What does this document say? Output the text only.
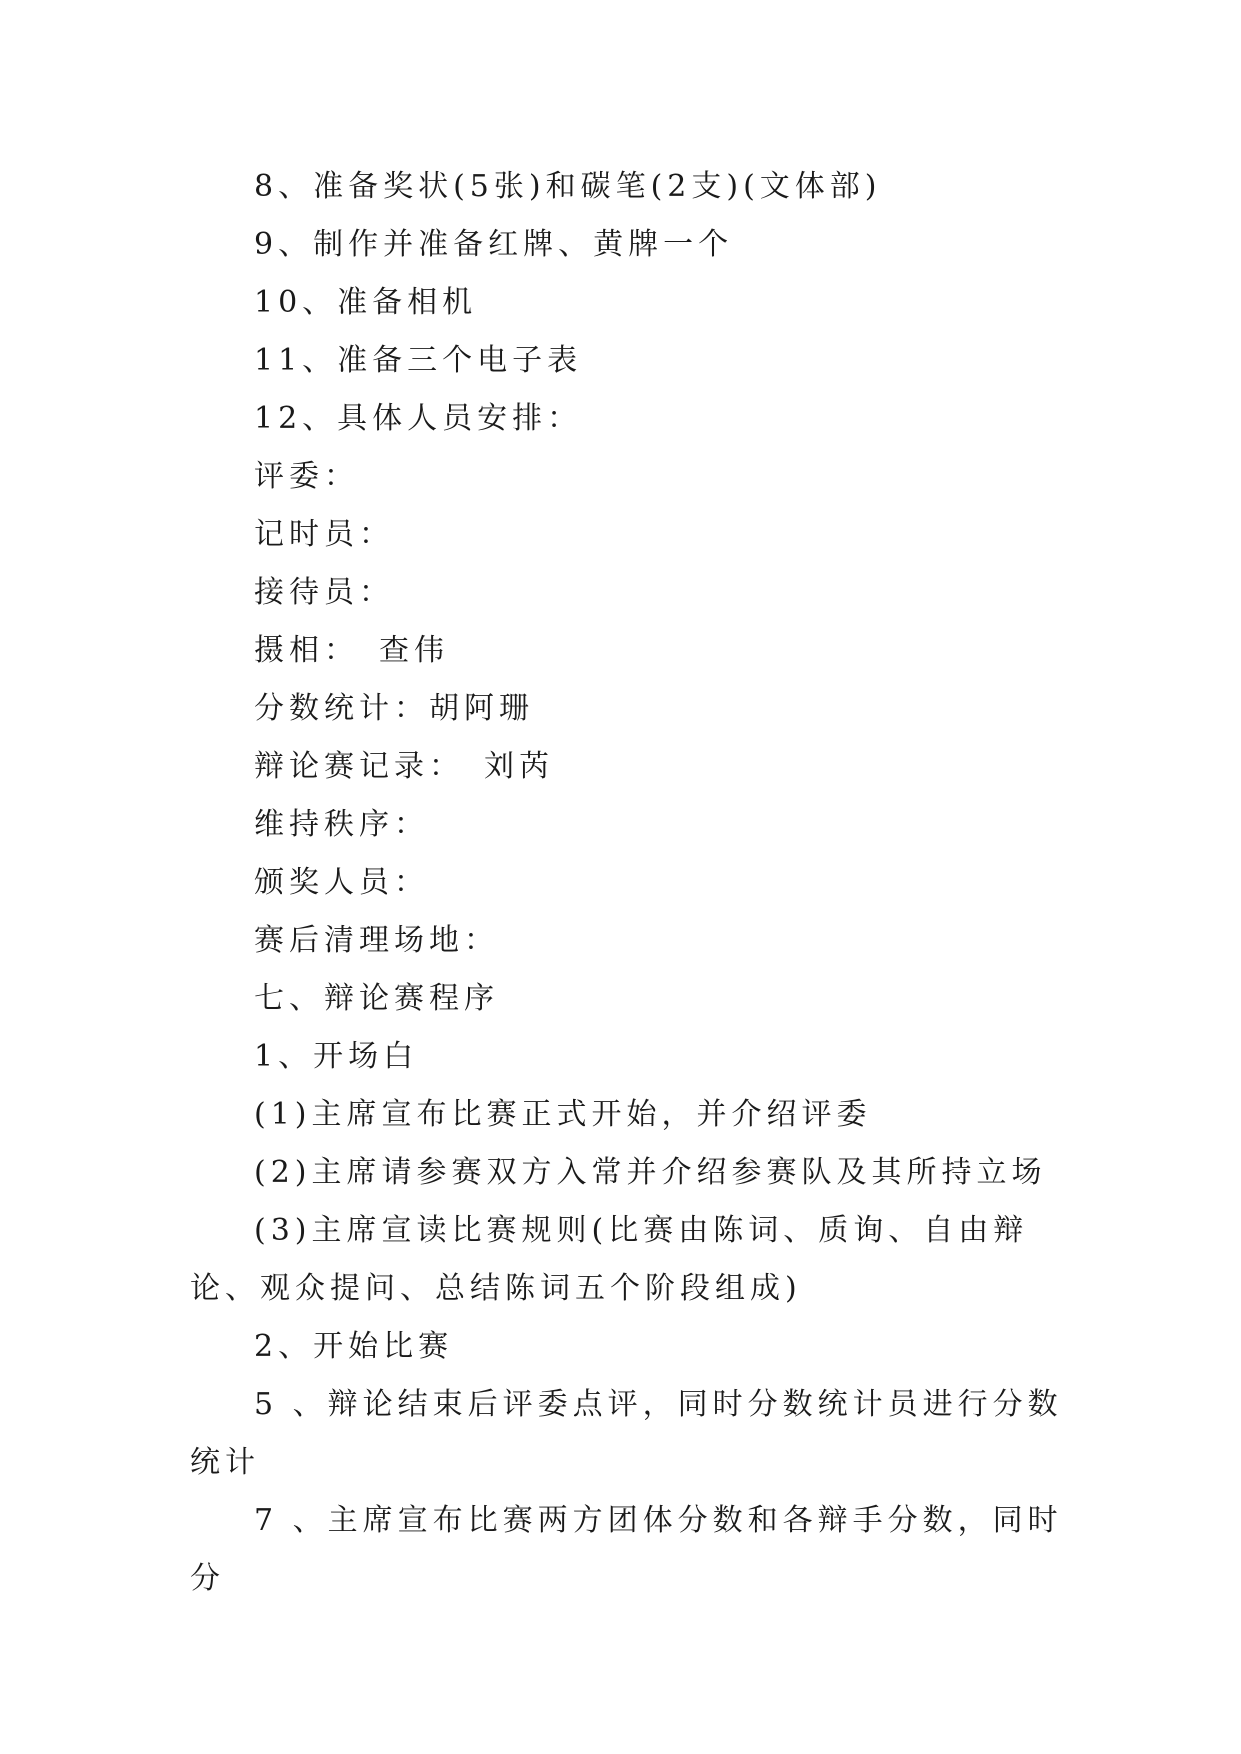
8、准备奖状(5张)和碳笔(2支)(文体部)

9、制作并准备红牌、黄牌一个

10、准备相机

11、准备三个电子表

12、具体人员安排：

评委：

记时员：

接待员：

摄相：　查伟

分数统计：胡阿珊

辩论赛记录：　刘芮

维持秩序：

颁奖人员：

赛后清理场地：

七、辩论赛程序

1、开场白

(1)主席宣布比赛正式开始，并介绍评委

(2)主席请参赛双方入常并介绍参赛队及其所持立场

(3)主席宣读比赛规则(比赛由陈词、质询、自由辩论、观众提问、总结陈词五个阶段组成)

2、开始比赛

5 、辩论结束后评委点评，同时分数统计员进行分数统计

7 、主席宣布比赛两方团体分数和各辩手分数，同时分
